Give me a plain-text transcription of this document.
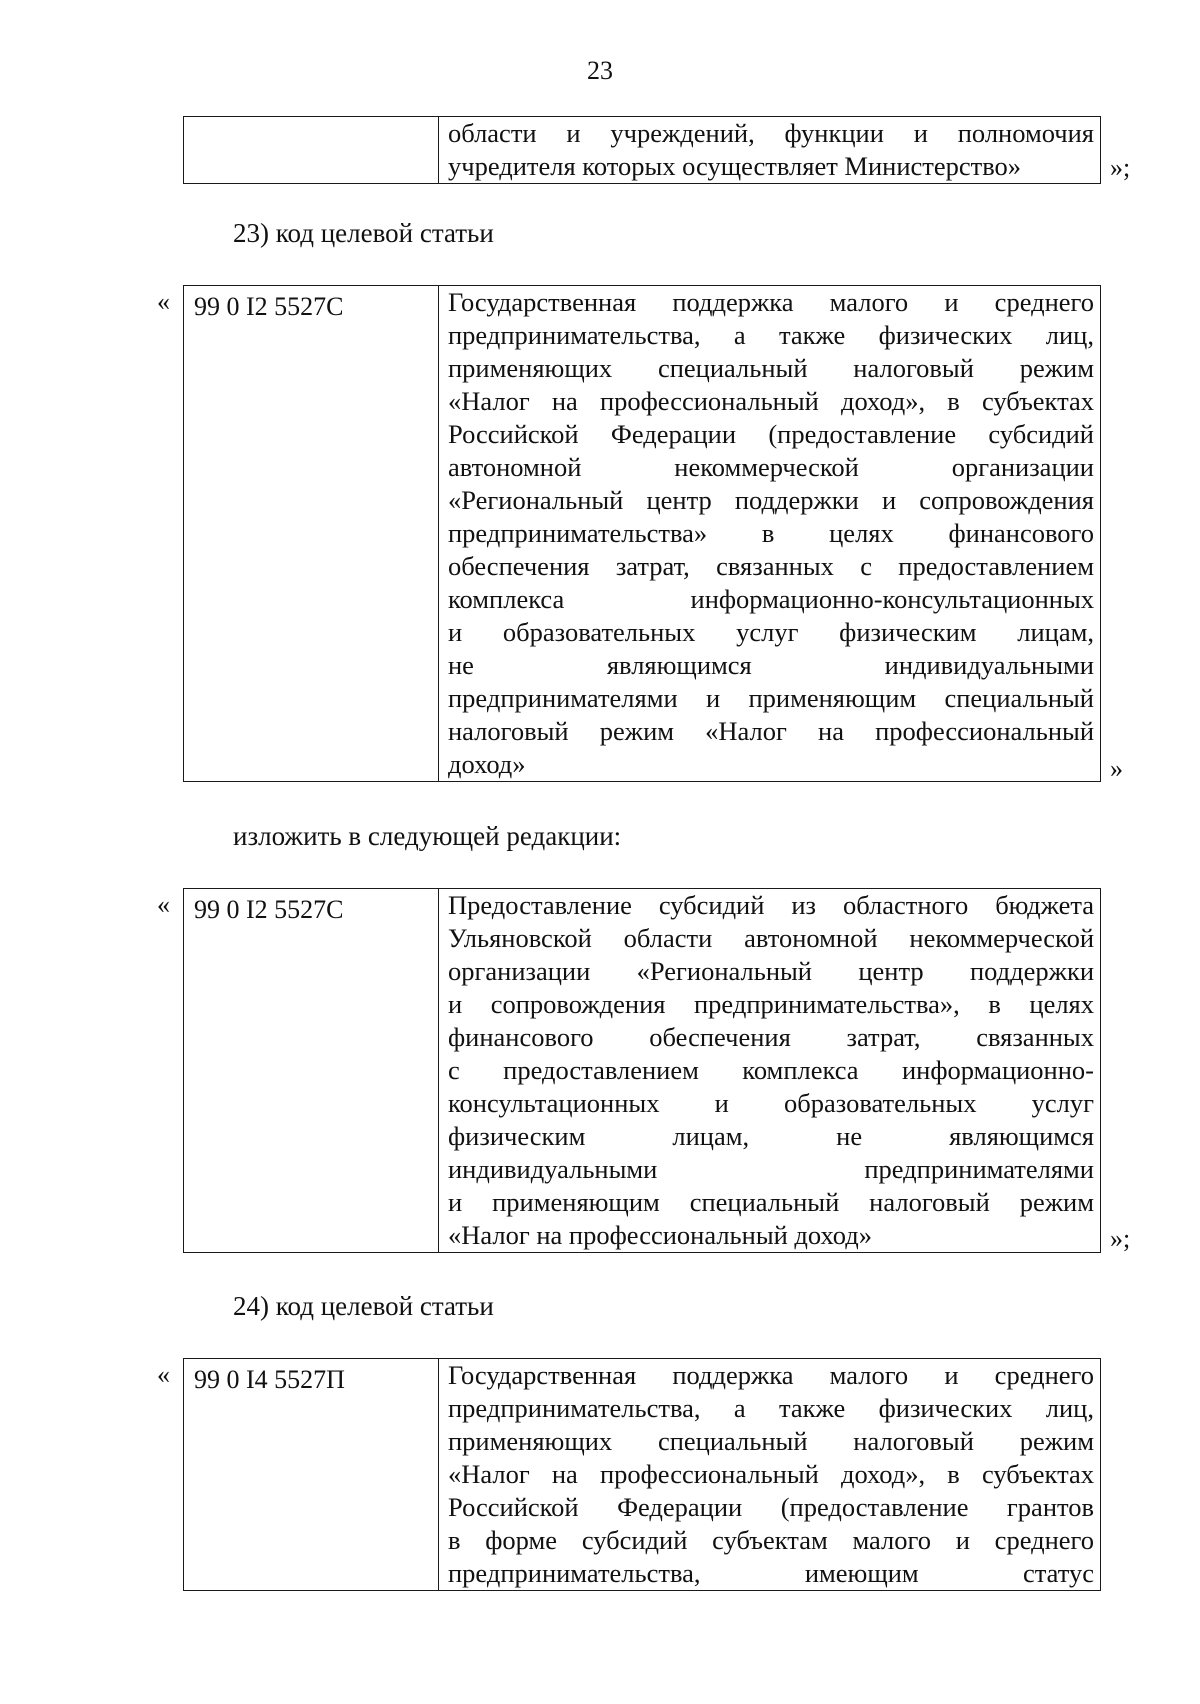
23

области и учреждений, функции и полномочия
учредителя которых осуществляет Министерство»	»;
23) код целевой статьи
« 99 0 I2 5527С	Государственная поддержка малого и среднего
предпринимательства, а также физических лиц,
применяющих специальный налоговый режим
«Налог на профессиональный доход», в субъектах
Российской Федерации (предоставление субсидий
автономной некоммерческой организации
«Региональный центр поддержки и сопровождения
предпринимательства» в целях финансового
обеспечения затрат, связанных с предоставлением
комплекса информационно-консультационных
и образовательных услуг физическим лицам,
не являющимся индивидуальными
предпринимателями и применяющим специальный
налоговый режим «Налог на профессиональный
доход»	»
изложить в следующей редакции:
« 99 0 I2 5527С	Предоставление субсидий из областного бюджета
Ульяновской области автономной некоммерческой
организации «Региональный центр поддержки
и сопровождения предпринимательства», в целях
финансового обеспечения затрат, связанных
с предоставлением комплекса информационно-
консультационных и образовательных услуг
физическим лицам, не являющимся
индивидуальными предпринимателями
и применяющим специальный налоговый режим
«Налог на профессиональный доход»	»;
24) код целевой статьи
« 99 0 I4 5527П	Государственная поддержка малого и среднего
предпринимательства, а также физических лиц,
применяющих специальный налоговый режим
«Налог на профессиональный доход», в субъектах
Российской Федерации (предоставление грантов
в форме субсидий субъектам малого и среднего
предпринимательства, имеющим статус
